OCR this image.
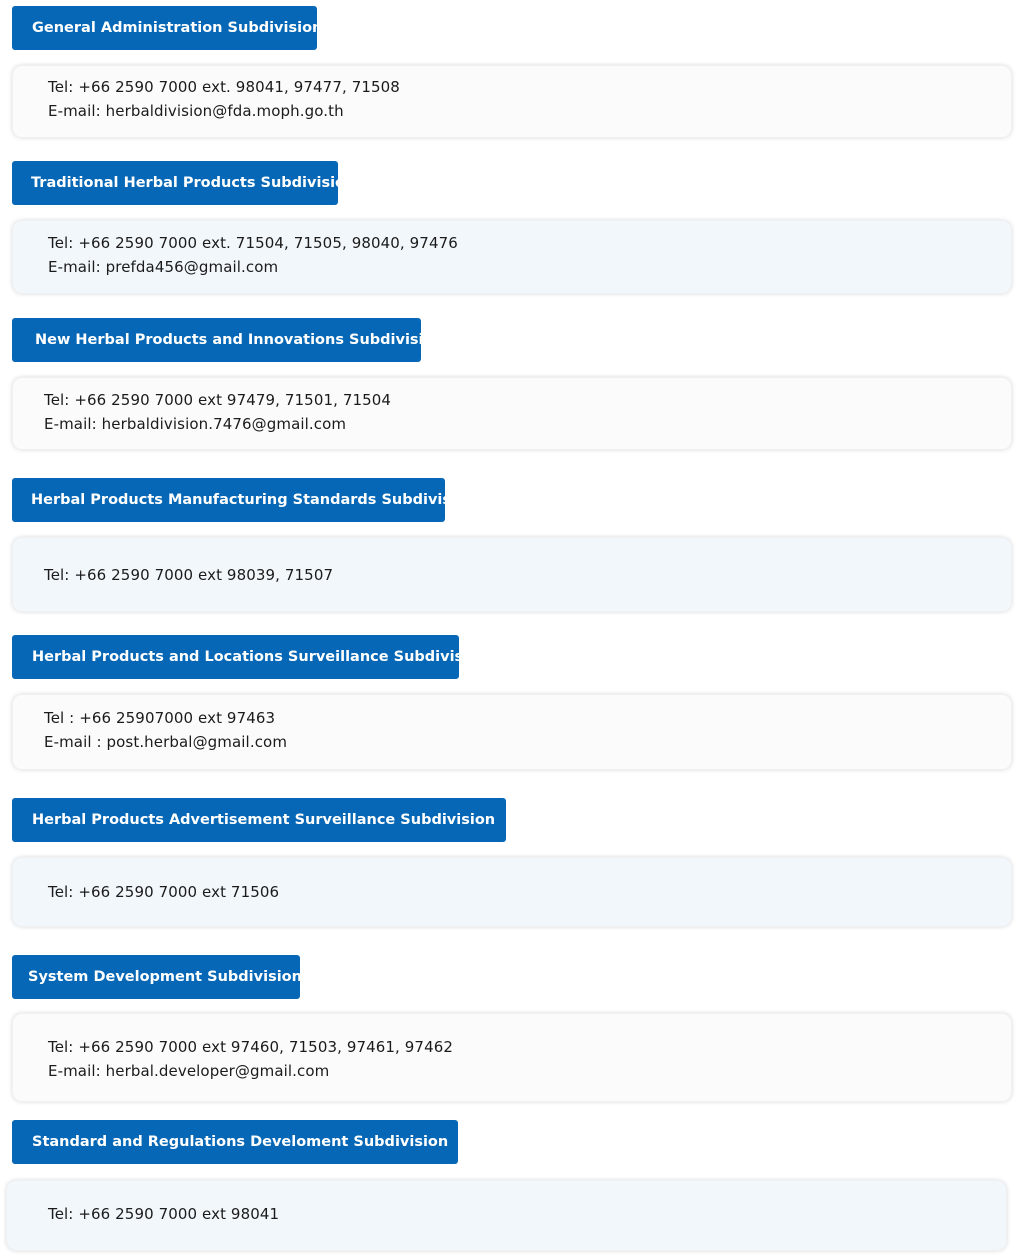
General Administration Subdivision
Tel: +66 2590 7000 ext. 98041, 97477, 71508
E-mail: herbaldivision@fda.moph.go.th
Traditional Herbal Products Subdivision
Tel: +66 2590 7000 ext. 71504, 71505, 98040, 97476
E-mail: prefda456@gmail.com
New Herbal Products and Innovations Subdivision
Tel: +66 2590 7000 ext 97479, 71501, 71504
E-mail: herbaldivision.7476@gmail.com
Herbal Products Manufacturing Standards Subdivision
Tel: +66 2590 7000 ext 98039, 71507
Herbal Products and Locations Surveillance Subdivision
Tel : +66 25907000 ext 97463
E-mail : post.herbal@gmail.com
Herbal Products Advertisement Surveillance Subdivision
Tel: +66 2590 7000 ext 71506
System Development Subdivision
Tel: +66 2590 7000 ext 97460, 71503, 97461, 97462
E-mail: herbal.developer@gmail.com
Standard and Regulations Develoment Subdivision
Tel: +66 2590 7000 ext 98041
